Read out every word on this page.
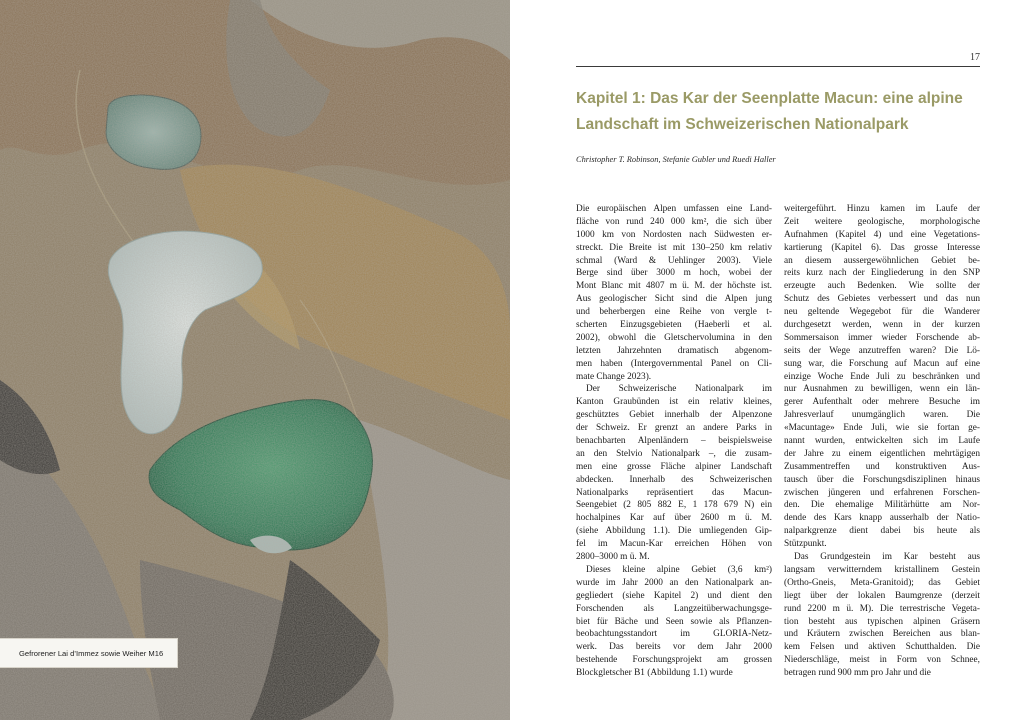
Gefrorener Lai d’Immez sowie Weiher M16
17
Kapitel 1: Das Kar der Seenplatte Macun: eine alpine
Landschaft im Schweizerischen Nationalpark
Christopher T. Robinson, Stefanie Gubler und Ruedi Haller
Die europäischen Alpen umfassen eine Land-
fläche von rund 240 000 km², die sich über
1000 km von Nordosten nach Südwesten er-
streckt. Die Breite ist mit 130–250 km relativ
schmal (Ward & Uehlinger 2003). Viele
Berge sind über 3000 m hoch, wobei der
Mont Blanc mit 4807 m ü. M. der höchste ist.
Aus geologischer Sicht sind die Alpen jung
und beherbergen eine Reihe von vergle t-
scherten Einzugsgebieten (Haeberli et al.
2002), obwohl die Gletschervolumina in den
letzten Jahrzehnten dramatisch abgenom-
men haben (Intergovernmental Panel on Cli-
mate Change 2023).
Der Schweizerische Nationalpark im
Kanton Graubünden ist ein relativ kleines,
geschütztes Gebiet innerhalb der Alpenzone
der Schweiz. Er grenzt an andere Parks in
benachbarten Alpenländern – beispielsweise
an den Stelvio Nationalpark –, die zusam-
men eine grosse Fläche alpiner Landschaft
abdecken. Innerhalb des Schweizerischen
Nationalparks repräsentiert das Macun-
Seengebiet (2 805 882 E, 1 178 679 N) ein
hochalpines Kar auf über 2600 m ü. M.
(siehe Abbildung 1.1). Die umliegenden Gip-
fel im Macun-Kar erreichen Höhen von
2800–3000 m ü. M.
Dieses kleine alpine Gebiet (3,6 km²)
wurde im Jahr 2000 an den Nationalpark an-
gegliedert (siehe Kapitel 2) und dient den
Forschenden als Langzeitüberwachungsge-
biet für Bäche und Seen sowie als Pflanzen-
beobachtungsstandort im GLORIA-Netz-
werk. Das bereits vor dem Jahr 2000
bestehende Forschungsprojekt am grossen
Blockgletscher B1 (Abbildung 1.1) wurde
weitergeführt. Hinzu kamen im Laufe der
Zeit weitere geologische, morphologische
Aufnahmen (Kapitel 4) und eine Vegetations-
kartierung (Kapitel 6). Das grosse Interesse
an diesem aussergewöhnlichen Gebiet be-
reits kurz nach der Eingliederung in den SNP
erzeugte auch Bedenken. Wie sollte der
Schutz des Gebietes verbessert und das nun
neu geltende Wegegebot für die Wanderer
durchgesetzt werden, wenn in der kurzen
Sommersaison immer wieder Forschende ab-
seits der Wege anzutreffen waren? Die Lö-
sung war, die Forschung auf Macun auf eine
einzige Woche Ende Juli zu beschränken und
nur Ausnahmen zu bewilligen, wenn ein län-
gerer Aufenthalt oder mehrere Besuche im
Jahresverlauf unumgänglich waren. Die
«Macuntage» Ende Juli, wie sie fortan ge-
nannt wurden, entwickelten sich im Laufe
der Jahre zu einem eigentlichen mehrtägigen
Zusammentreffen und konstruktiven Aus-
tausch über die Forschungsdisziplinen hinaus
zwischen jüngeren und erfahrenen Forschen-
den. Die ehemalige Militärhütte am Nor-
dende des Kars knapp ausserhalb der Natio-
nalparkgrenze dient dabei bis heute als
Stützpunkt.
Das Grundgestein im Kar besteht aus
langsam verwitterndem kristallinem Gestein
(Ortho-Gneis, Meta-Granitoid); das Gebiet
liegt über der lokalen Baumgrenze (derzeit
rund 2200 m ü. M). Die terrestrische Vegeta-
tion besteht aus typischen alpinen Gräsern
und Kräutern zwischen Bereichen aus blan-
kem Felsen und aktiven Schutthalden. Die
Niederschläge, meist in Form von Schnee,
betragen rund 900 mm pro Jahr und die
